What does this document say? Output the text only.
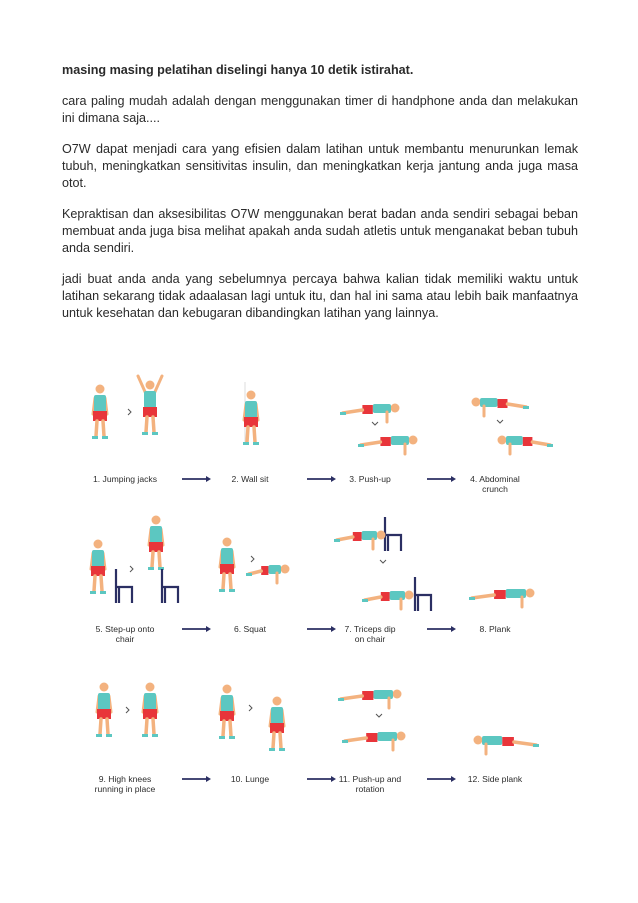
masing masing pelatihan diselingi hanya 10 detik istirahat.

cara paling mudah adalah dengan menggunakan timer di handphone anda dan melakukan ini dimana saja....

O7W dapat menjadi cara yang efisien dalam latihan untuk membantu menurunkan lemak tubuh, meningkatkan sensitivitas insulin, dan meningkatkan kerja jantung anda juga masa otot.

Kepraktisan dan aksesibilitas O7W menggunakan berat badan anda sendiri sebagai beban membuat anda juga bisa melihat apakah anda sudah atletis untuk menganakat beban tubuh anda sendiri.

jadi buat anda anda yang sebelumnya percaya bahwa kalian tidak memiliki waktu untuk latihan sekarang tidak adaalasan lagi untuk itu, dan hal ini sama atau lebih baik manfaatnya untuk kesehatan dan kebugaran dibandingkan latihan yang lainnya.

1. Jumping jacks	2. Wall sit	3. Push-up	4. Abdominal
crunch
5. Step-up onto
chair
6. Squat	7. Triceps dip
on chair
8. Plank
9. High knees
running in place
10. Lunge	11. Push-up and
rotation
12. Side plank
